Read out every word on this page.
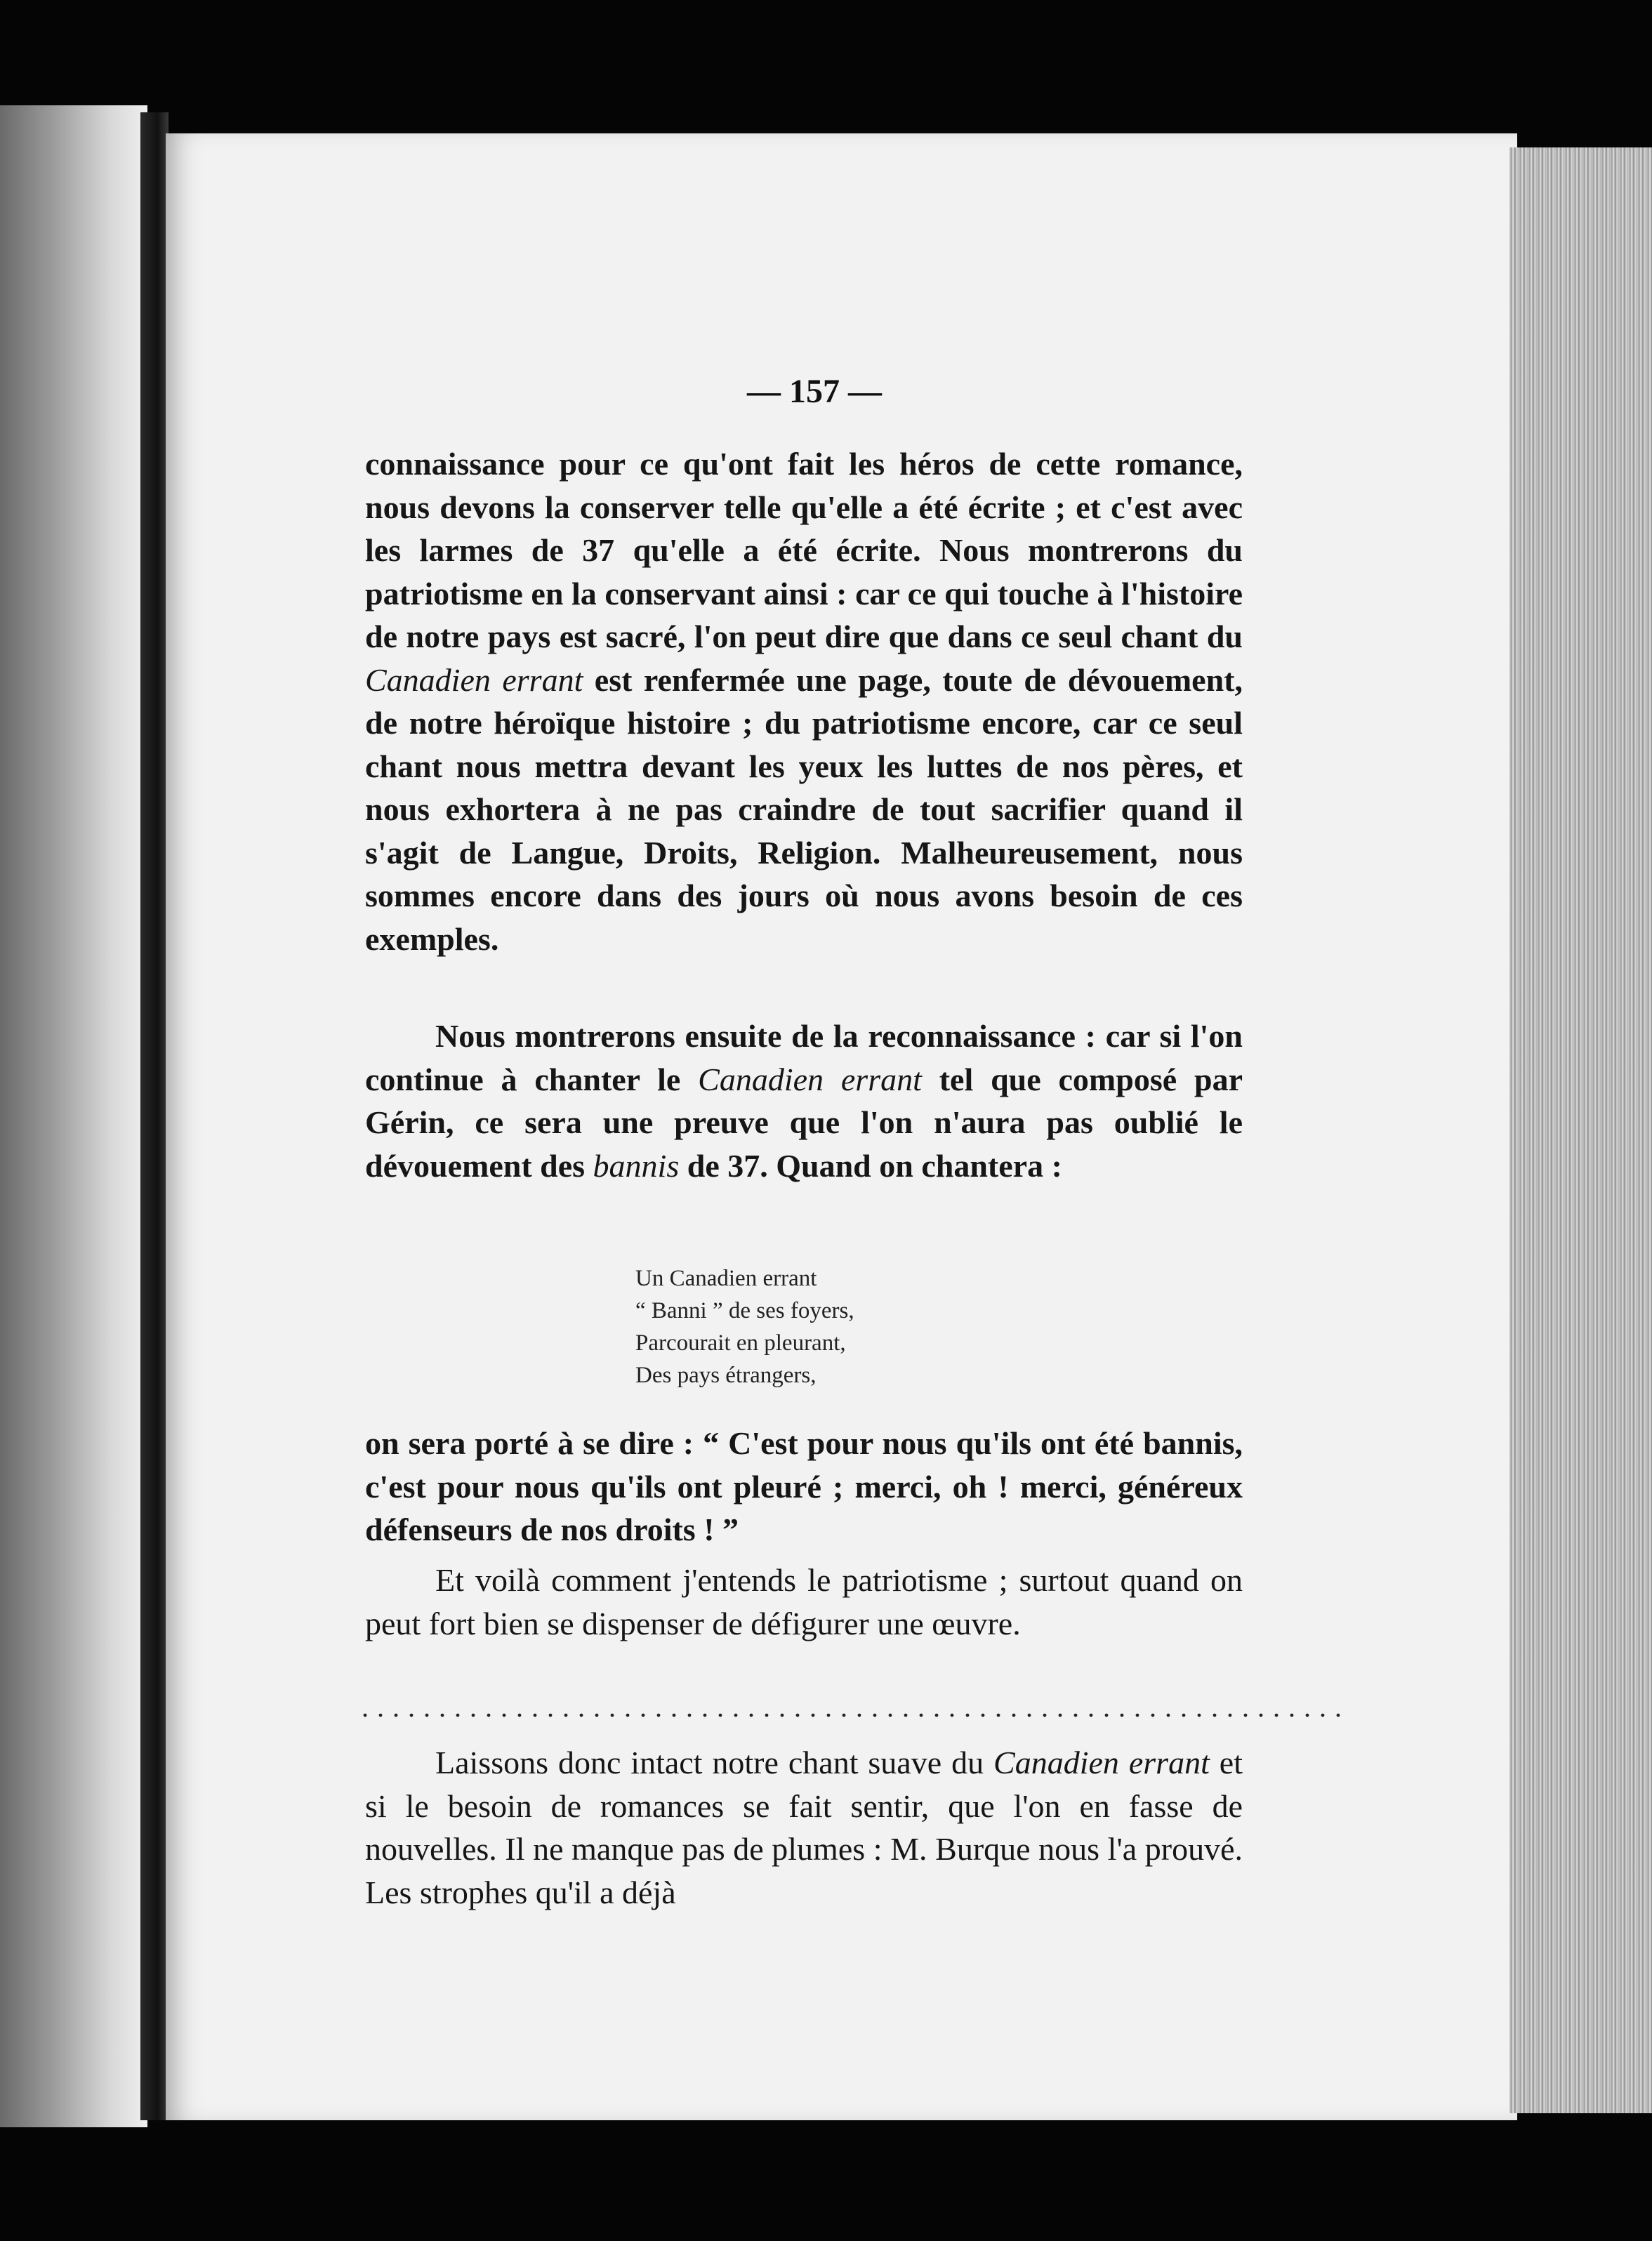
— 157 —

connaissance pour ce qu'ont fait les héros de cette romance, nous devons la conserver telle qu'elle a été écrite ; et c'est avec les larmes de 37 qu'elle a été écrite. Nous montrerons du patriotisme en la conservant ainsi : car ce qui touche à l'histoire de notre pays est sacré, l'on peut dire que dans ce seul chant du Canadien errant est renfermée une page, toute de dévouement, de notre héroïque histoire ; du patriotisme encore, car ce seul chant nous mettra devant les yeux les luttes de nos pères, et nous exhortera à ne pas craindre de tout sacrifier quand il s'agit de Langue, Droits, Religion. Malheureusement, nous sommes encore dans des jours où nous avons besoin de ces exemples.

Nous montrerons ensuite de la reconnaissance : car si l'on continue à chanter le Canadien errant tel que composé par Gérin, ce sera une preuve que l'on n'aura pas oublié le dévouement des bannis de 37. Quand on chantera :

Un Canadien errant
“ Banni ” de ses foyers,
Parcourait en pleurant,
Des pays étrangers,

on sera porté à se dire : “ C'est pour nous qu'ils ont été bannis, c'est pour nous qu'ils ont pleuré ; merci, oh ! merci, généreux défenseurs de nos droits ! ”

Et voilà comment j'entends le patriotisme ; surtout quand on peut fort bien se dispenser de défigurer une œuvre.

................................................................

Laissons donc intact notre chant suave du Canadien errant et si le besoin de romances se fait sentir, que l'on en fasse de nouvelles. Il ne manque pas de plumes : M. Burque nous l'a prouvé. Les strophes qu'il a déjà
